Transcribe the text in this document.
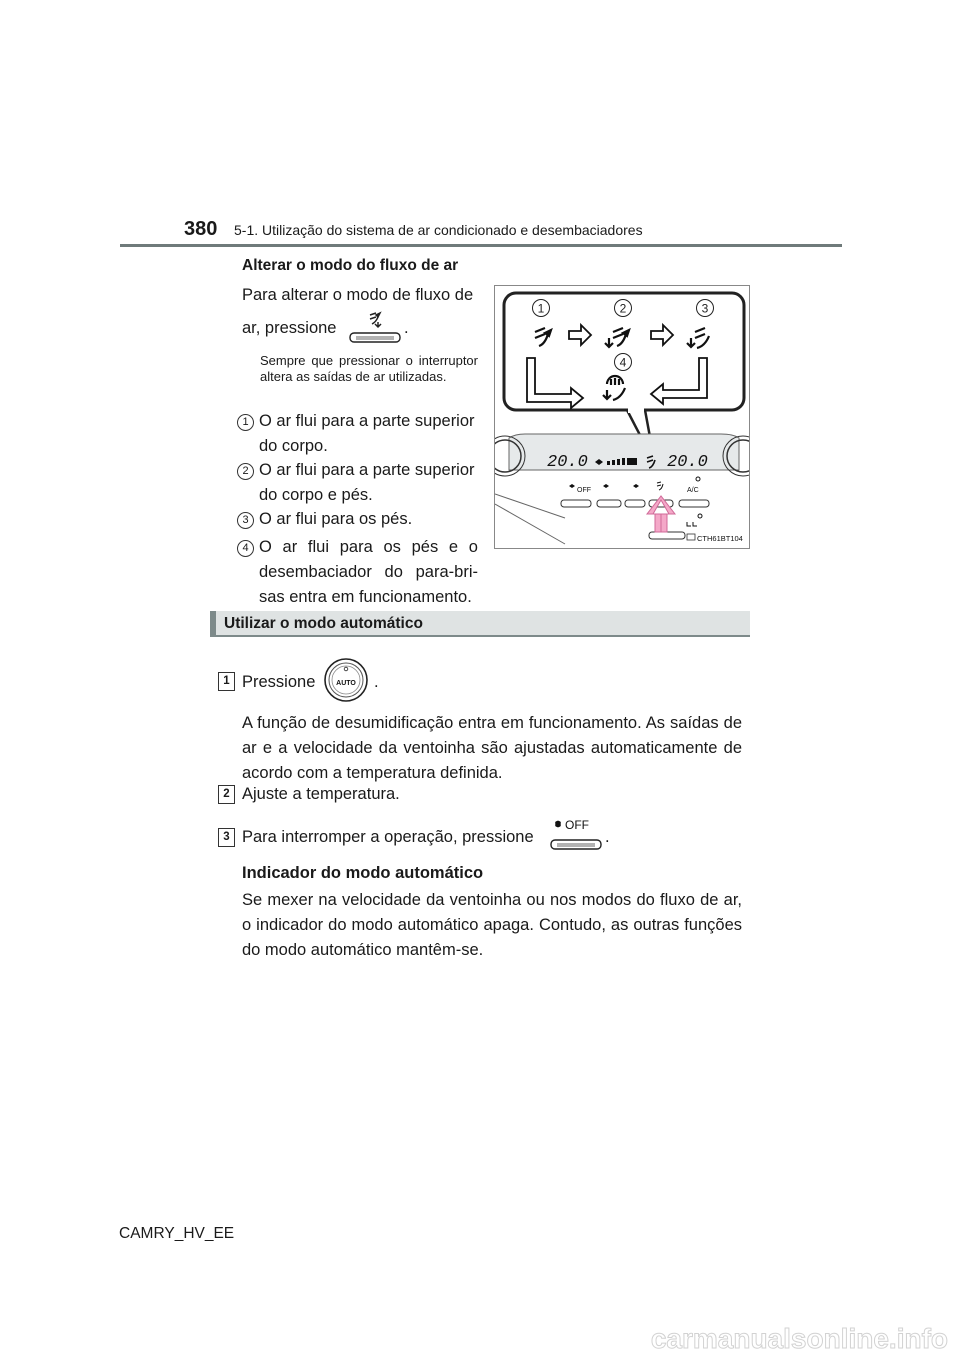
380 5-1. Utilização do sistema de ar condicionado e desembaciadores
Alterar o modo do fluxo de ar
Para alterar o modo de fluxo de
ar, pressione	.
Sempre que pressionar o interruptor altera as saídas de ar utilizadas.
1 O ar flui para a parte superior
do corpo.
2 O ar flui para a parte superior
do corpo e pés.
3 O ar flui para os pés.
4 O ar flui para os pés e o
desembaciador do para-bri-
sas entra em funcionamento.
1	2	3
4
20.0	20.0
OFF	A/C
CTH61BT104
Utilizar o modo automático
1 Pressione	AUTO .
A função de desumidificação entra em funcionamento. As saídas de ar e a velocidade da ventoinha são ajustadas automaticamente de acordo com a temperatura definida.
2 Ajuste a temperatura.
3 Para interromper a operação, pressione
OFF
.
Indicador do modo automático
Se mexer na velocidade da ventoinha ou nos modos do fluxo de ar, o indicador do modo automático apaga. Contudo, as outras funções do modo automático mantêm-se.
CAMRY_HV_EE
carmanualsonline.info
